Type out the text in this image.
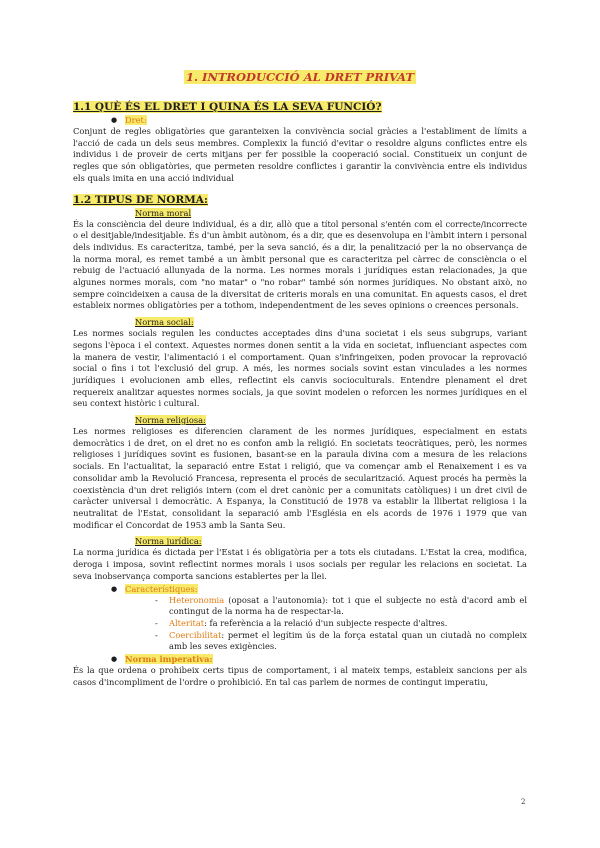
1. INTRODUCCIÓ AL DRET PRIVAT
1.1 QUÈ ÉS EL DRET I QUINA ÉS LA SEVA FUNCIÓ?
● Dret:

Conjunt de regles obligatòries que garanteixen la convivència social gràcies a l'establiment de límits a l'acció de cada un dels seus membres. Complexix la funció d'evitar o resoldre alguns conflictes entre els individus i de proveir de certs mitjans per fer possible la cooperació social. Constitueix un conjunt de regles que són obligatòries, que permeten resoldre conflictes i garantir la convivència entre els individus els quals imita en una acció individual

1.2 TIPUS DE NORMA:
Norma moral

És la consciència del deure individual, és a dir, allò que a títol personal s'entén com el correcte/incorrecte o el desitjable/indesitjable. És d'un àmbit autònom, és a dir, que es desenvolupa en l'àmbit intern i personal dels individus. Es caracteritza, també, per la seva sanció, és a dir, la penalització per la no observança de la norma moral, es remet també a un àmbit personal que es caracteritza pel càrrec de consciència o el rebuig de l'actuació allunyada de la norma. Les normes morals i jurídiques estan relacionades, ja que algunes normes morals, com "no matar" o "no robar" també són normes jurídiques. No obstant això, no sempre coincideixen a causa de la diversitat de criteris morals en una comunitat. En aquests casos, el dret estableix normes obligatòries per a tothom, independentment de les seves opinions o creences personals.

Norma social:

Les normes socials regulen les conductes acceptades dins d'una societat i els seus subgrups, variant segons l'època i el context. Aquestes normes donen sentit a la vida en societat, influenciant aspectes com la manera de vestir, l'alimentació i el comportament. Quan s'infringeixen, poden provocar la reprovació social o fins i tot l'exclusió del grup. A més, les normes socials sovint estan vinculades a les normes jurídiques i evolucionen amb elles, reflectint els canvis socioculturals. Entendre plenament el dret requereix analitzar aquestes normes socials, ja que sovint modelen o reforcen les normes jurídiques en el seu context històric i cultural.

Norma religiosa:

Les normes religioses es diferencien clarament de les normes jurídiques, especialment en estats democràtics i de dret, on el dret no es confon amb la religió. En societats teocràtiques, però, les normes religioses i jurídiques sovint es fusionen, basant-se en la paraula divina com a mesura de les relacions socials. En l'actualitat, la separació entre Estat i religió, que va començar amb el Renaixement i es va consolidar amb la Revolució Francesa, representa el procés de secularització. Aquest procés ha permès la coexistència d'un dret religiós intern (com el dret canònic per a comunitats catòliques) i un dret civil de caràcter universal i democràtic. A Espanya, la Constitució de 1978 va establir la llibertat religiosa i la neutralitat de l'Estat, consolidant la separació amb l'Església en els acords de 1976 i 1979 que van modificar el Concordat de 1953 amb la Santa Seu.

Norma jurídica:

La norma jurídica és dictada per l'Estat i és obligatòria per a tots els ciutadans. L'Estat la crea, modifica, deroga i imposa, sovint reflectint normes morals i usos socials per regular les relacions en societat. La seva inobservança comporta sancions establertes per la llei.

● Característiques:
- Heteronomia (oposat a l'autonomia): tot i que el subjecte no està d'acord amb el contingut de la norma ha de respectar-la.
- Alteritat: fa referència a la relació d'un subjecte respecte d'altres.
- Coercibilitat: permet el legítim ús de la força estatal quan un ciutadà no compleix amb les seves exigències.
● Norma imperativa:

És la que ordena o prohibeix certs tipus de comportament, i al mateix temps, estableix sancions per als casos d'incompliment de l'ordre o prohibició. En tal cas parlem de normes de contingut imperatiu,

2
